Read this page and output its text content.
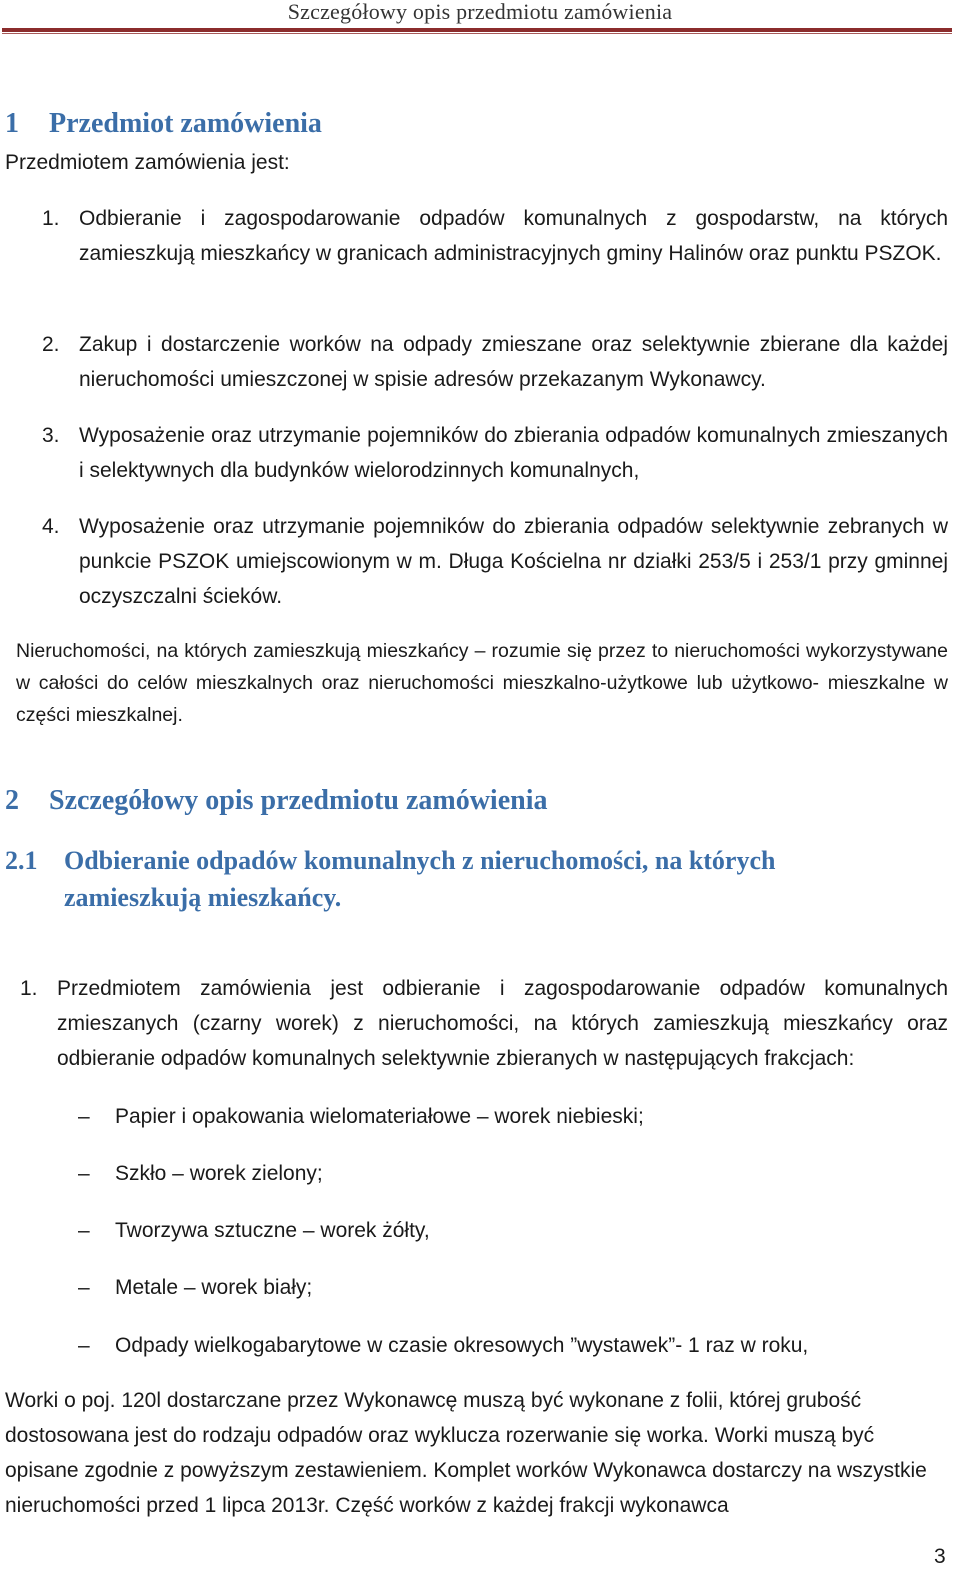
Szczegółowy opis przedmiotu zamówienia
1 Przedmiot zamówienia

Przedmiotem zamówienia jest:

1. Odbieranie i zagospodarowanie odpadów komunalnych z gospodarstw, na których zamieszkują mieszkańcy w granicach administracyjnych gminy Halinów oraz punktu PSZOK.

2. Zakup i dostarczenie worków na odpady zmieszane oraz selektywnie zbierane dla każdej nieruchomości umieszczonej w spisie adresów przekazanym Wykonawcy.

3. Wyposażenie oraz utrzymanie pojemników do zbierania odpadów komunalnych zmieszanych i selektywnych dla budynków wielorodzinnych komunalnych,

4. Wyposażenie oraz utrzymanie pojemników do zbierania odpadów selektywnie zebranych w punkcie PSZOK umiejscowionym w m. Długa Kościelna nr działki 253/5 i 253/1 przy gminnej oczyszczalni ścieków.

Nieruchomości, na których zamieszkują mieszkańcy – rozumie się przez to nieruchomości wykorzystywane w całości do celów mieszkalnych oraz nieruchomości mieszkalno-użytkowe lub użytkowo- mieszkalne w części mieszkalnej.

2 Szczegółowy opis przedmiotu zamówienia
2.1 Odbieranie odpadów komunalnych z nieruchomości, na których
zamieszkują mieszkańcy.
1. Przedmiotem zamówienia jest odbieranie i zagospodarowanie odpadów komunalnych zmieszanych (czarny worek) z nieruchomości, na których zamieszkują mieszkańcy oraz odbieranie odpadów komunalnych selektywnie zbieranych w następujących frakcjach:

– Papier i opakowania wielomateriałowe – worek niebieski;
– Szkło – worek zielony;
– Tworzywa sztuczne – worek żółty,
– Metale – worek biały;
– Odpady wielkogabarytowe w czasie okresowych ”wystawek”- 1 raz w roku,

Worki o poj. 120l dostarczane przez Wykonawcę muszą być wykonane z folii, której grubość dostosowana jest do rodzaju odpadów oraz wyklucza rozerwanie się worka. Worki muszą być opisane zgodnie z powyższym zestawieniem. Komplet worków Wykonawca dostarczy na wszystkie nieruchomości przed 1 lipca 2013r. Część worków z każdej frakcji wykonawca

3
